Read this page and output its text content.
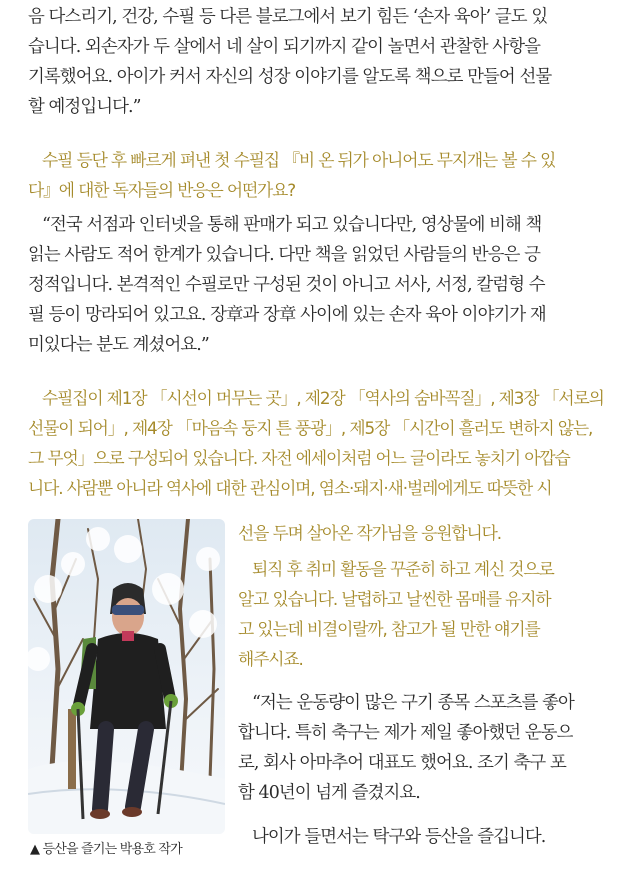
음 다스리기, 건강, 수필 등 다른 블로그에서 보기 힘든 ‘손자 육아’ 글도 있
습니다. 외손자가 두 살에서 네 살이 되기까지 같이 놀면서 관찰한 사항을
기록했어요. 아이가 커서 자신의 성장 이야기를 알도록 책으로 만들어 선물
할 예정입니다.”
수필 등단 후 빠르게 펴낸 첫 수필집 『비 온 뒤가 아니어도 무지개는 볼 수 있
다』에 대한 독자들의 반응은 어떤가요?
“전국 서점과 인터넷을 통해 판매가 되고 있습니다만, 영상물에 비해 책
읽는 사람도 적어 한계가 있습니다. 다만 책을 읽었던 사람들의 반응은 긍
정적입니다. 본격적인 수필로만 구성된 것이 아니고 서사, 서정, 칼럼형 수
필 등이 망라되어 있고요. 장章과 장章 사이에 있는 손자 육아 이야기가 재
미있다는 분도 계셨어요.”
수필집이 제1장 「시선이 머무는 곳」, 제2장 「역사의 숨바꼭질」, 제3장 「서로의
선물이 되어」, 제4장 「마음속 둥지 튼 풍광」, 제5장 「시간이 흘러도 변하지 않는,
그 무엇」으로 구성되어 있습니다. 자전 에세이처럼 어느 글이라도 놓치기 아깝습
니다. 사람뿐 아니라 역사에 대한 관심이며, 염소·돼지·새·벌레에게도 따뜻한 시
선을 두며 살아온 작가님을 응원합니다.
퇴직 후 취미 활동을 꾸준히 하고 계신 것으로
알고 있습니다. 날렵하고 날씬한 몸매를 유지하
고 있는데 비결이랄까, 참고가 될 만한 얘기를
해주시죠.
“저는 운동량이 많은 구기 종목 스포츠를 좋아
합니다. 특히 축구는 제가 제일 좋아했던 운동으
로, 회사 아마추어 대표도 했어요. 조기 축구 포
함 40년이 넘게 즐겼지요.
나이가 들면서는 탁구와 등산을 즐깁니다.
▲ 등산을 즐기는 박용호 작가
